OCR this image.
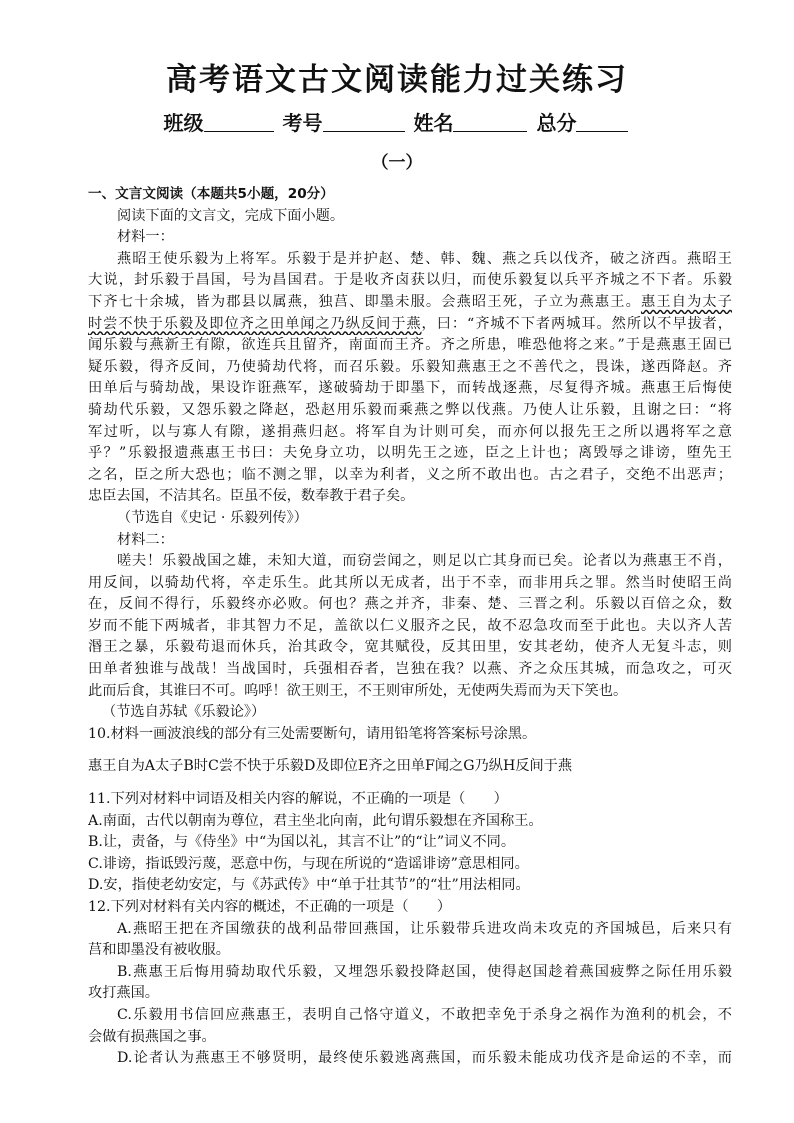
高考语文古文阅读能力过关练习
班级	考号	姓名	总分
（一）
一、文言文阅读（本题共5小题，20分）
阅读下面的文言文，完成下面小题。
材料一：
燕昭王使乐毅为上将军。乐毅于是并护赵、楚、韩、魏、燕之兵以伐齐，破之济西。燕昭王
大说，封乐毅于昌国，号为昌国君。于是收齐卤获以归，而使乐毅复以兵平齐城之不下者。乐毅
下齐七十余城，皆为郡县以属燕，独莒、即墨未服。会燕昭王死，子立为燕惠王。惠王自为太子
时尝不快于乐毅及即位齐之田单闻之乃纵反间于燕，曰：“齐城不下者两城耳。然所以不早拔者，
闻乐毅与燕新王有隙，欲连兵且留齐，南面而王齐。齐之所患，唯恐他将之来。”于是燕惠王固已
疑乐毅，得齐反间，乃使骑劫代将，而召乐毅。乐毅知燕惠王之不善代之，畏诛，遂西降赵。齐
田单后与骑劫战，果设诈诳燕军，遂破骑劫于即墨下，而转战逐燕，尽复得齐城。燕惠王后悔使
骑劫代乐毅，又怨乐毅之降赵，恐赵用乐毅而乘燕之弊以伐燕。乃使人让乐毅，且谢之曰：“将
军过听，以与寡人有隙，遂捐燕归赵。将军自为计则可矣，而亦何以报先王之所以遇将军之意
乎？”乐毅报遗燕惠王书曰：夫免身立功，以明先王之迹，臣之上计也；离毁辱之诽谤，堕先王
之名，臣之所大恐也；临不测之罪，以幸为利者，义之所不敢出也。古之君子，交绝不出恶声；
忠臣去国，不洁其名。臣虽不佞，数奉教于君子矣。
（节选自《史记 · 乐毅列传》）
材料二：
嗟夫！乐毅战国之雄，未知大道，而窃尝闻之，则足以亡其身而已矣。论者以为燕惠王不肖，
用反间，以骑劫代将，卒走乐生。此其所以无成者，出于不幸，而非用兵之罪。然当时使昭王尚
在，反间不得行，乐毅终亦必败。何也？燕之并齐，非秦、楚、三晋之利。乐毅以百倍之众，数
岁而不能下两城者，非其智力不足，盖欲以仁义服齐之民，故不忍急攻而至于此也。夫以齐人苦
湣王之暴，乐毅苟退而休兵，治其政令，宽其赋役，反其田里，安其老幼，使齐人无复斗志，则
田单者独谁与战哉！当战国时，兵强相吞者，岂独在我？以燕、齐之众压其城，而急攻之，可灭
此而后食，其谁曰不可。呜呼！欲王则王，不王则审所处，无使两失焉而为天下笑也。
（节选自苏轼《乐毅论》）
10.材料一画波浪线的部分有三处需要断句，请用铅笔将答案标号涂黑。
惠王自为A太子B时C尝不快于乐毅D及即位E齐之田单F闻之G乃纵H反间于燕
11.下列对材料中词语及相关内容的解说，不正确的一项是（　　）
A.南面，古代以朝南为尊位，君主坐北向南，此句谓乐毅想在齐国称王。
B.让，责备，与《侍坐》中“为国以礼，其言不让”的“让”词义不同。
C.诽谤，指诋毁污蔑，恶意中伤，与现在所说的“造谣诽谤”意思相同。
D.安，指使老幼安定，与《苏武传》中“单于壮其节”的“壮”用法相同。
12.下列对材料有关内容的概述，不正确的一项是（　　）
A.燕昭王把在齐国缴获的战利品带回燕国，让乐毅带兵进攻尚未攻克的齐国城邑，后来只有
莒和即墨没有被收服。
B.燕惠王后悔用骑劫取代乐毅，又埋怨乐毅投降赵国，使得赵国趁着燕国疲弊之际任用乐毅
攻打燕国。
C.乐毅用书信回应燕惠王，表明自己恪守道义，不敢把幸免于杀身之祸作为渔利的机会，不
会做有损燕国之事。
D.论者认为燕惠王不够贤明，最终使乐毅逃离燕国，而乐毅未能成功伐齐是命运的不幸，而
